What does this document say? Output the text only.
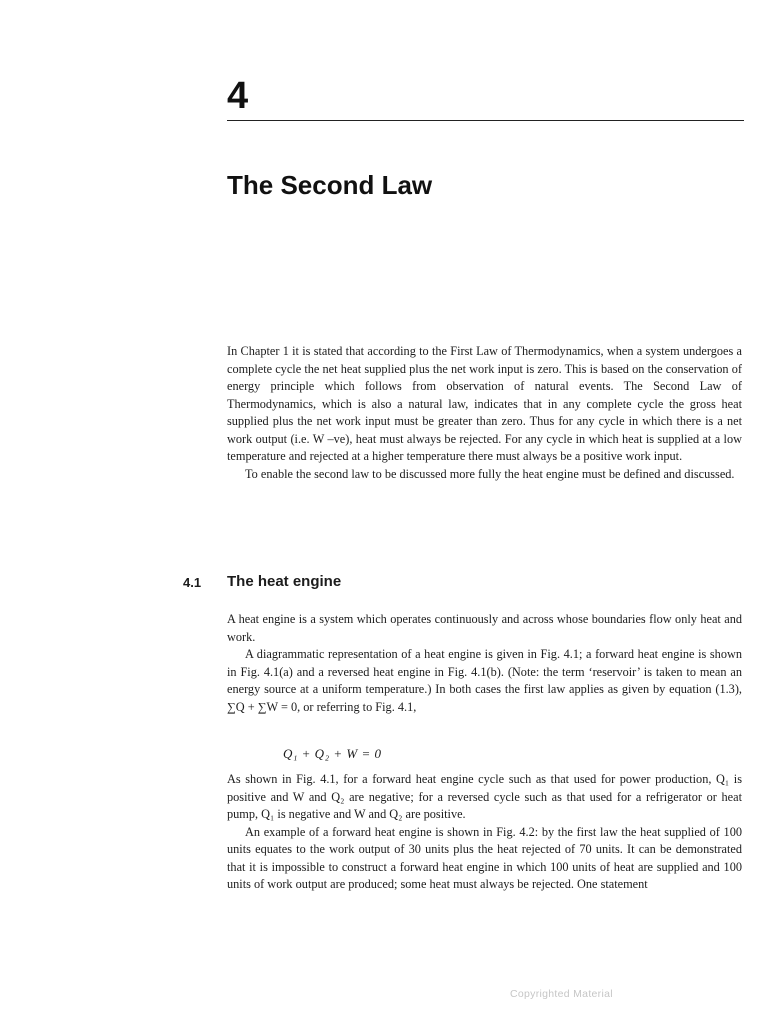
4
The Second Law

In Chapter 1 it is stated that according to the First Law of Thermodynamics, when a system undergoes a complete cycle the net heat supplied plus the net work input is zero. This is based on the conservation of energy principle which follows from observation of natural events. The Second Law of Thermodynamics, which is also a natural law, indicates that in any complete cycle the gross heat supplied plus the net work input must be greater than zero. Thus for any cycle in which there is a net work output (i.e. W –ve), heat must always be rejected. For any cycle in which heat is supplied at a low temperature and rejected at a higher temperature there must always be a positive work input.

To enable the second law to be discussed more fully the heat engine must be defined and discussed.

4.1 The heat engine

A heat engine is a system which operates continuously and across whose boundaries flow only heat and work.

A diagrammatic representation of a heat engine is given in Fig. 4.1; a forward heat engine is shown in Fig. 4.1(a) and a reversed heat engine in Fig. 4.1(b). (Note: the term ‘reservoir’ is taken to mean an energy source at a uniform temperature.) In both cases the first law applies as given by equation (1.3), ∑Q + ∑W = 0, or referring to Fig. 4.1,

Q₁ + Q₂ + W = 0

As shown in Fig. 4.1, for a forward heat engine cycle such as that used for power production, Q₁ is positive and W and Q₂ are negative; for a reversed cycle such as that used for a refrigerator or heat pump, Q₁ is negative and W and Q₂ are positive.

An example of a forward heat engine is shown in Fig. 4.2: by the first law the heat supplied of 100 units equates to the work output of 30 units plus the heat rejected of 70 units. It can be demonstrated that it is impossible to construct a forward heat engine in which 100 units of heat are supplied and 100 units of work output are produced; some heat must always be rejected. One statement

Copyrighted Material
